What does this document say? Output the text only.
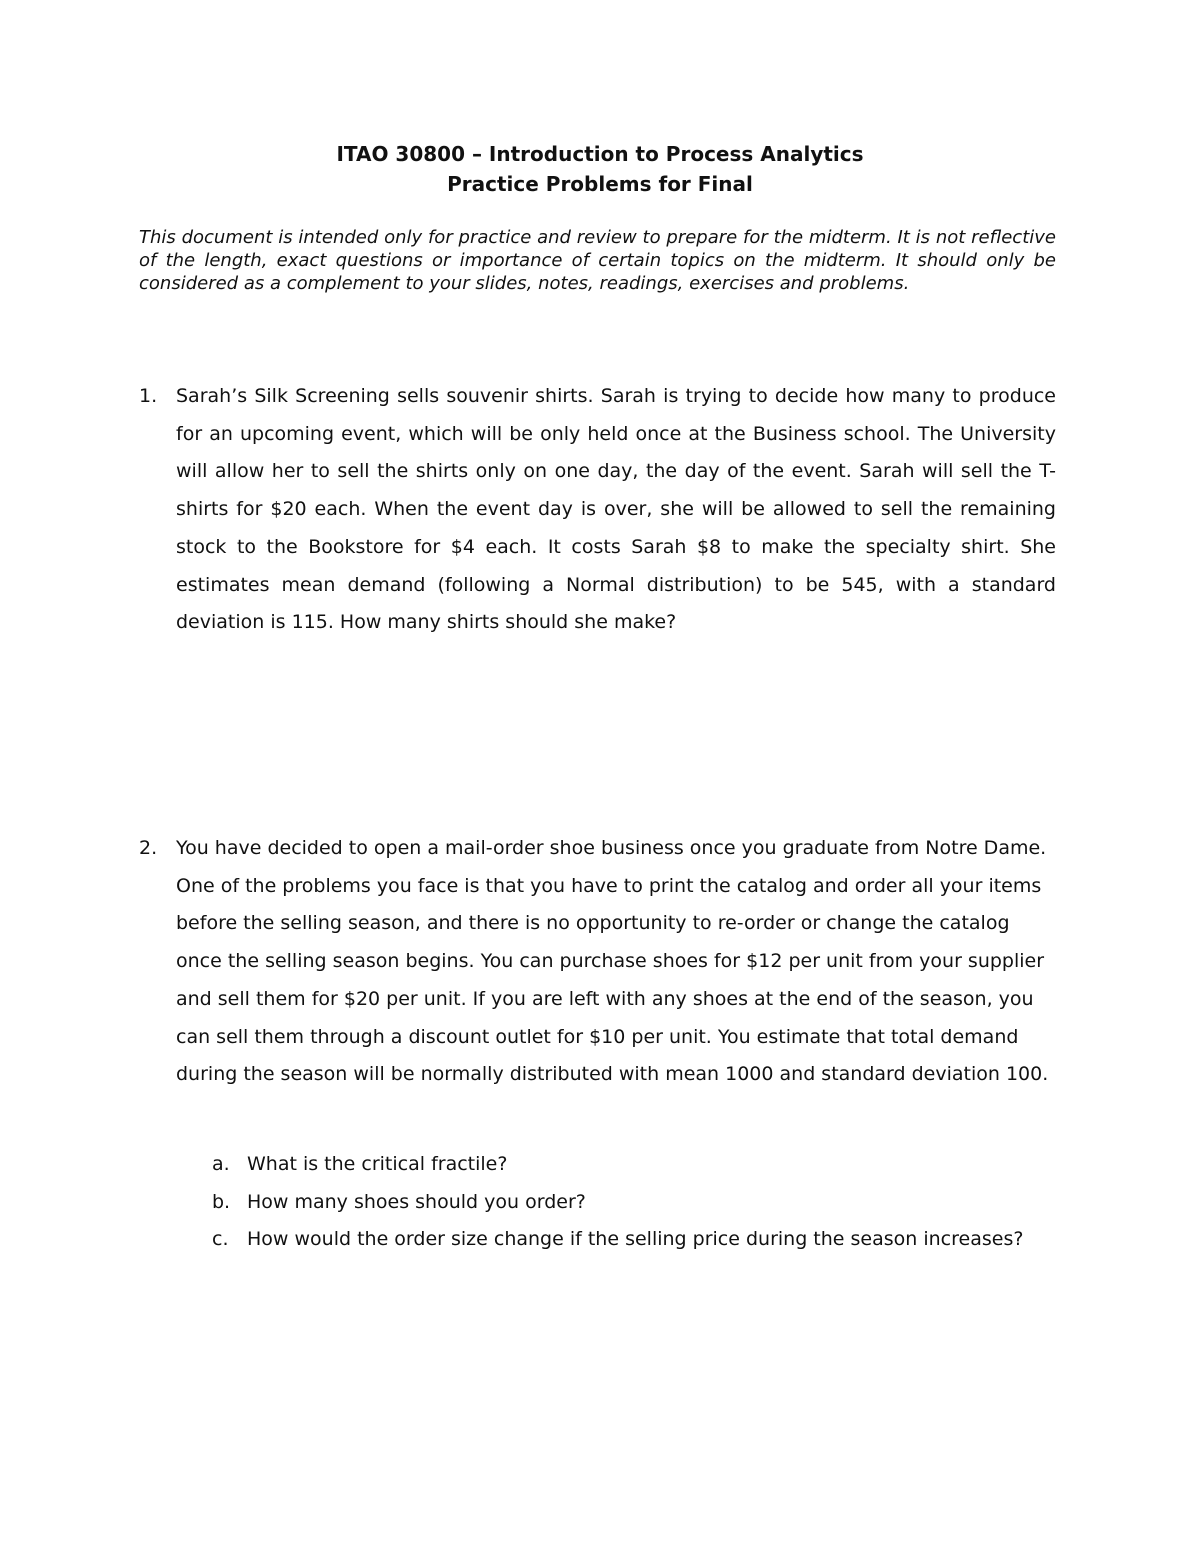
ITAO 30800 – Introduction to Process Analytics
Practice Problems for Final

This document is intended only for practice and review to prepare for the midterm. It is not reflective of the length, exact questions or importance of certain topics on the midterm. It should only be considered as a complement to your slides, notes, readings, exercises and problems.

1. Sarah’s Silk Screening sells souvenir shirts. Sarah is trying to decide how many to produce for an upcoming event, which will be only held once at the Business school. The University will allow her to sell the shirts only on one day, the day of the event. Sarah will sell the T-shirts for $20 each. When the event day is over, she will be allowed to sell the remaining stock to the Bookstore for $4 each. It costs Sarah $8 to make the specialty shirt. She estimates mean demand (following a Normal distribution) to be 545, with a standard deviation is 115. How many shirts should she make?

2. You have decided to open a mail-order shoe business once you graduate from Notre Dame. One of the problems you face is that you have to print the catalog and order all your items before the selling season, and there is no opportunity to re-order or change the catalog once the selling season begins. You can purchase shoes for $12 per unit from your supplier and sell them for $20 per unit. If you are left with any shoes at the end of the season, you can sell them through a discount outlet for $10 per unit. You estimate that total demand during the season will be normally distributed with mean 1000 and standard deviation 100.

a. What is the critical fractile?
b. How many shoes should you order?
c. How would the order size change if the selling price during the season increases?
